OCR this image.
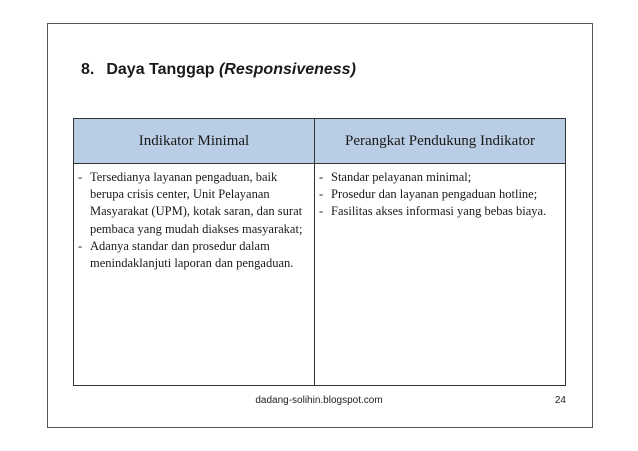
8. Daya Tanggap (Responsiveness)
Indikator Minimal	Perangkat Pendukung Indikator
- Tersedianya layanan pengaduan, baik berupa crisis center, Unit Pelayanan Masyarakat (UPM), kotak saran, dan surat pembaca yang mudah diakses masyarakat;
- Adanya standar dan prosedur dalam menindaklanjuti laporan dan pengaduan.
- Standar pelayanan minimal;
- Prosedur dan layanan pengaduan hotline;
- Fasilitas akses informasi yang bebas biaya.
dadang-solihin.blogspot.com	24
